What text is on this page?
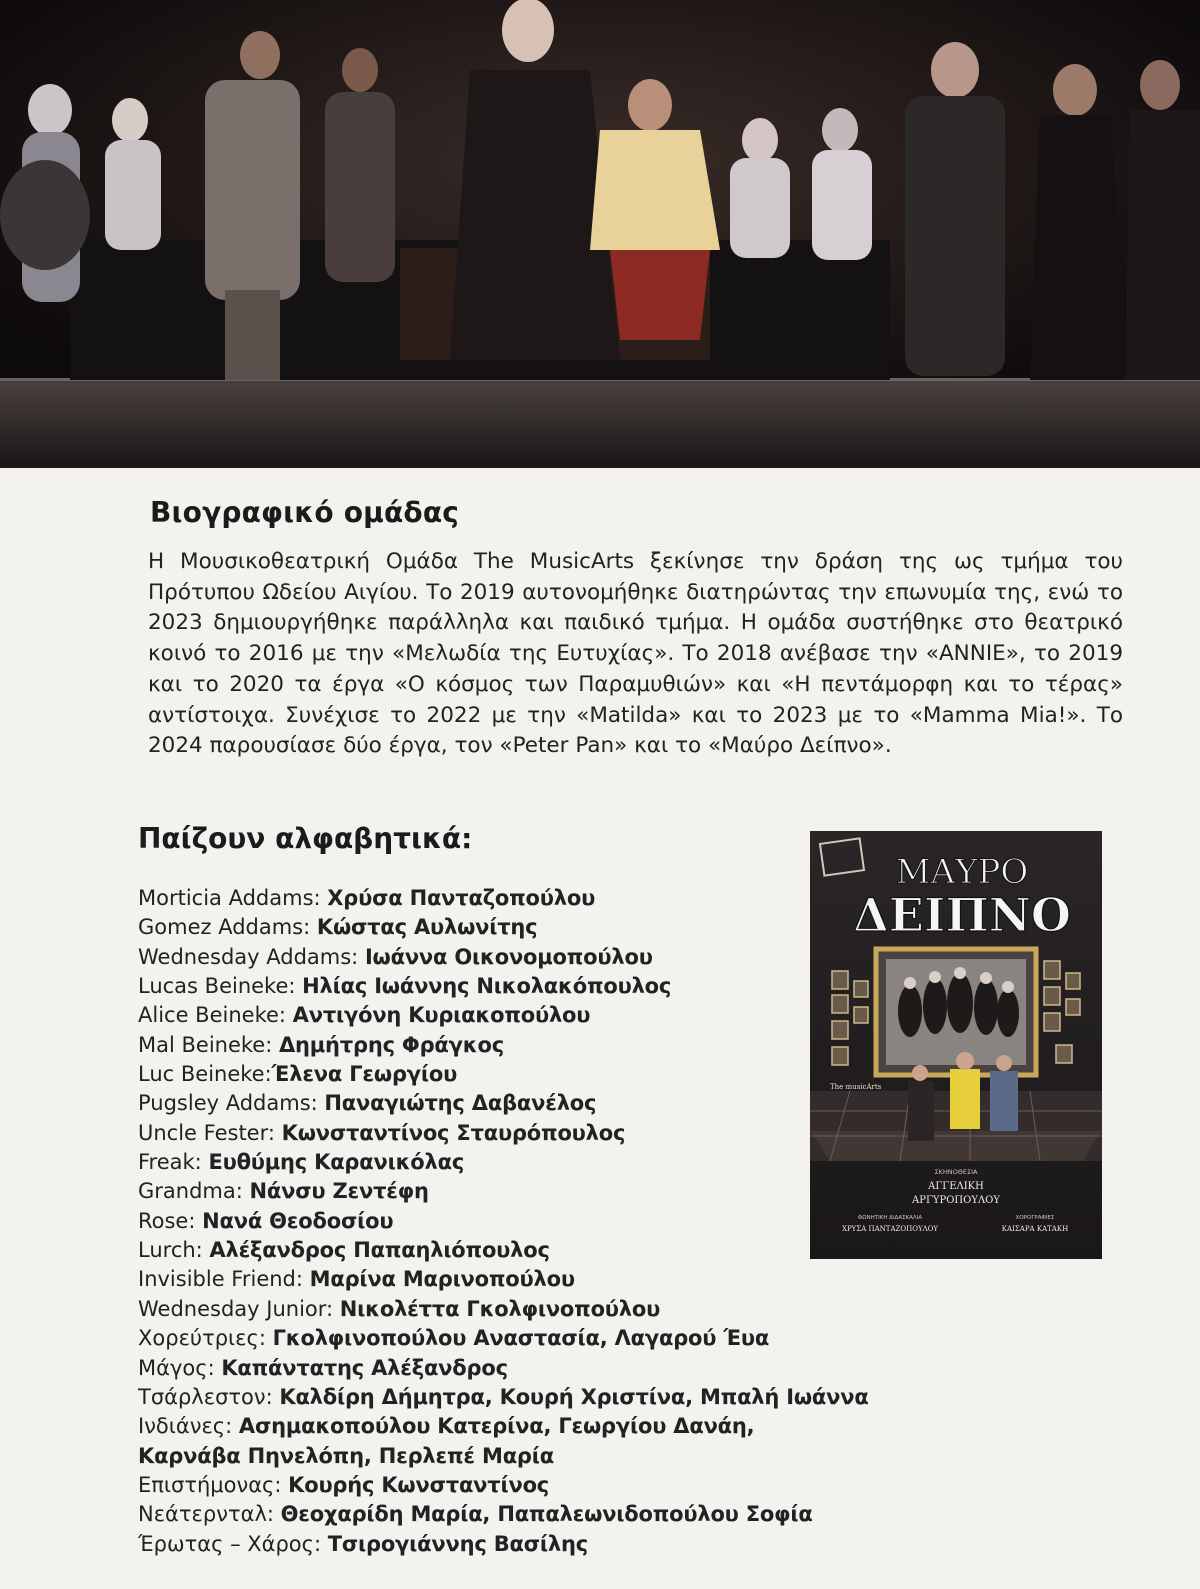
Βιογραφικό ομάδας
Η Μουσικοθεατρική Ομάδα The MusicArts ξεκίνησε την δράση της ως τμήμα του Πρότυπου Ωδείου Αιγίου. Το 2019 αυτονομήθηκε διατηρώντας την επωνυμία της, ενώ το 2023 δημιουργήθηκε παράλληλα και παιδικό τμήμα. Η ομάδα συστήθηκε στο θεατρικό κοινό το 2016 με την «Μελωδία της Ευτυχίας». Το 2018 ανέβασε την «ANNIE», το 2019 και το 2020 τα έργα «Ο κόσμος των Παραμυθιών» και «Η πεντάμορφη και το τέρας» αντίστοιχα. Συνέχισε το 2022 με την «Matilda» και το 2023 με το «Mamma Mia!». Το 2024 παρουσίασε δύο έργα, τον «Peter Pan» και το «Μαύρο Δείπνο».
Παίζουν αλφαβητικά:
Morticia Addams: Χρύσα Πανταζοπούλου
Gomez Addams: Κώστας Αυλωνίτης
Wednesday Addams: Ιωάννα Οικονομοπούλου
Lucas Beineke: Ηλίας Ιωάννης Νικολακόπουλος
Alice Beineke: Αντιγόνη Κυριακοπούλου
Mal Beineke: Δημήτρης Φράγκος
Luc Beineke:Έλενα Γεωργίου
Pugsley Addams: Παναγιώτης Δαβανέλος
Uncle Fester: Κωνσταντίνος Σταυρόπουλος
Freak: Ευθύμης Καρανικόλας
Grandma: Νάνσυ Ζεντέφη
Rose: Νανά Θεοδοσίου
Lurch: Αλέξανδρος Παπαηλιόπουλος
Invisible Friend: Μαρίνα Μαρινοπούλου
Wednesday Junior: Νικολέττα Γκολφινοπούλου
Χορεύτριες: Γκολφινοπούλου Αναστασία, Λαγαρού Έυα
Μάγος: Καπάντατης Αλέξανδρος
Τσάρλεστον: Καλδίρη Δήμητρα, Κουρή Χριστίνα, Μπαλή Ιωάννα
Ινδιάνες: Ασημακοπούλου Κατερίνα, Γεωργίου Δανάη,
Καρνάβα Πηνελόπη, Περλεπέ Μαρία
Επιστήμονας: Κουρής Κωνσταντίνος
Νεάτερνταλ: Θεοχαρίδη Μαρία, Παπαλεωνιδοπούλου Σοφία
Έρωτας – Χάρος: Τσιρογιάννης Βασίλης
ΜΑΥΡΟ
ΔΕΙΠΝΟ
The musicArts
ΣΚΗΝΟΘΕΣΙΑ
ΑΓΓΕΛΙΚΗ
ΑΡΓΥΡΟΠΟΥΛΟΥ
ΦΩΝΗΤΙΚΗ ΔΙΔΑΣΚΑΛΙΑ
ΧΡΥΣΑ ΠΑΝΤΑΖΟΠΟΥΛΟΥ
ΧΟΡΟΓΡΑΦΙΕΣ
ΚΑΙΣΑΡΑ ΚΑΤΑΚΗ
